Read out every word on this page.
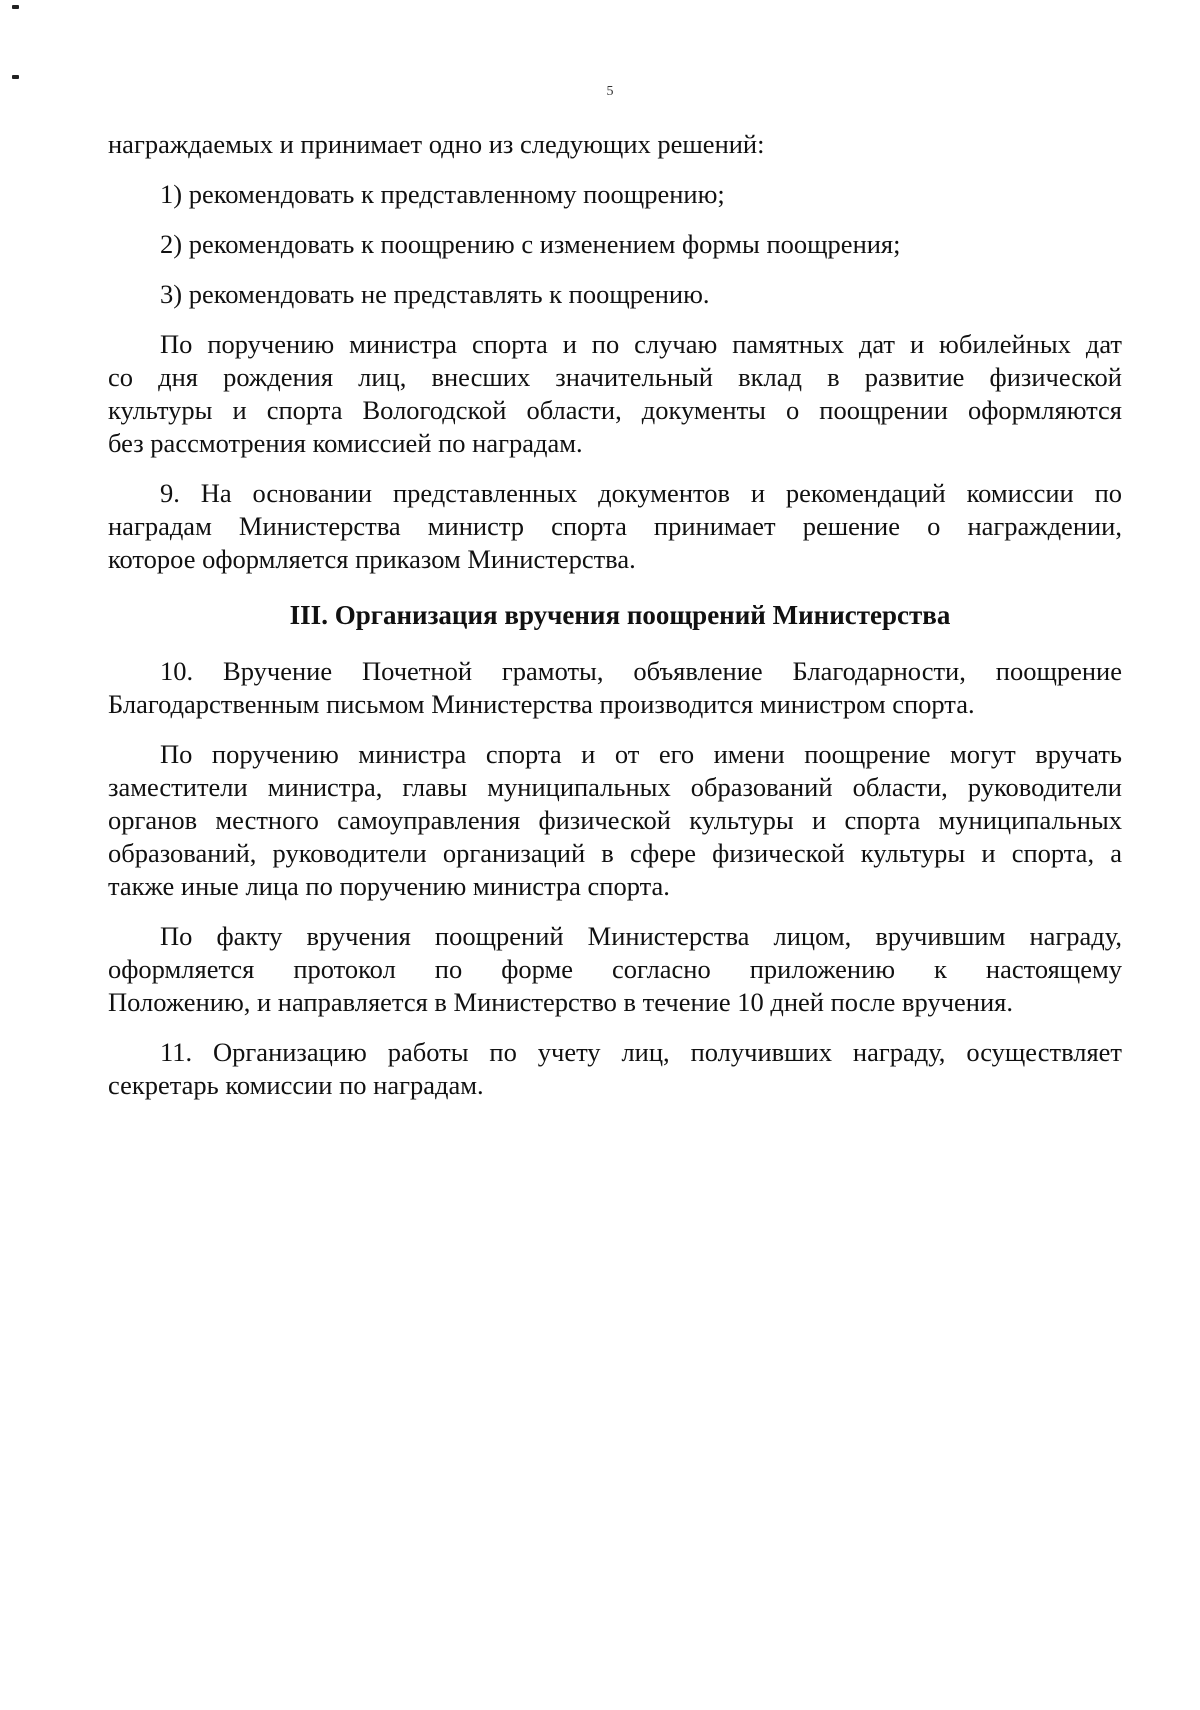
5
награждаемых и принимает одно из следующих решений:
1) рекомендовать к представленному поощрению;
2) рекомендовать к поощрению с изменением формы поощрения;
3) рекомендовать не представлять к поощрению.
По поручению министра спорта и по случаю памятных дат и юбилейных дат
со дня рождения лиц, внесших значительный вклад в развитие физической
культуры и спорта Вологодской области, документы о поощрении оформляются
без рассмотрения комиссией по наградам.
9. На основании представленных документов и рекомендаций комиссии по
наградам Министерства министр спорта принимает решение о награждении,
которое оформляется приказом Министерства.
III. Организация вручения поощрений Министерства
10. Вручение Почетной грамоты, объявление Благодарности, поощрение
Благодарственным письмом Министерства производится министром спорта.
По поручению министра спорта и от его имени поощрение могут вручать
заместители министра, главы муниципальных образований области, руководители
органов местного самоуправления физической культуры и спорта муниципальных
образований, руководители организаций в сфере физической культуры и спорта, а
также иные лица по поручению министра спорта.
По факту вручения поощрений Министерства лицом, вручившим награду,
оформляется протокол по форме согласно приложению к настоящему
Положению, и направляется в Министерство в течение 10 дней после вручения.
11. Организацию работы по учету лиц, получивших награду, осуществляет
секретарь комиссии по наградам.
